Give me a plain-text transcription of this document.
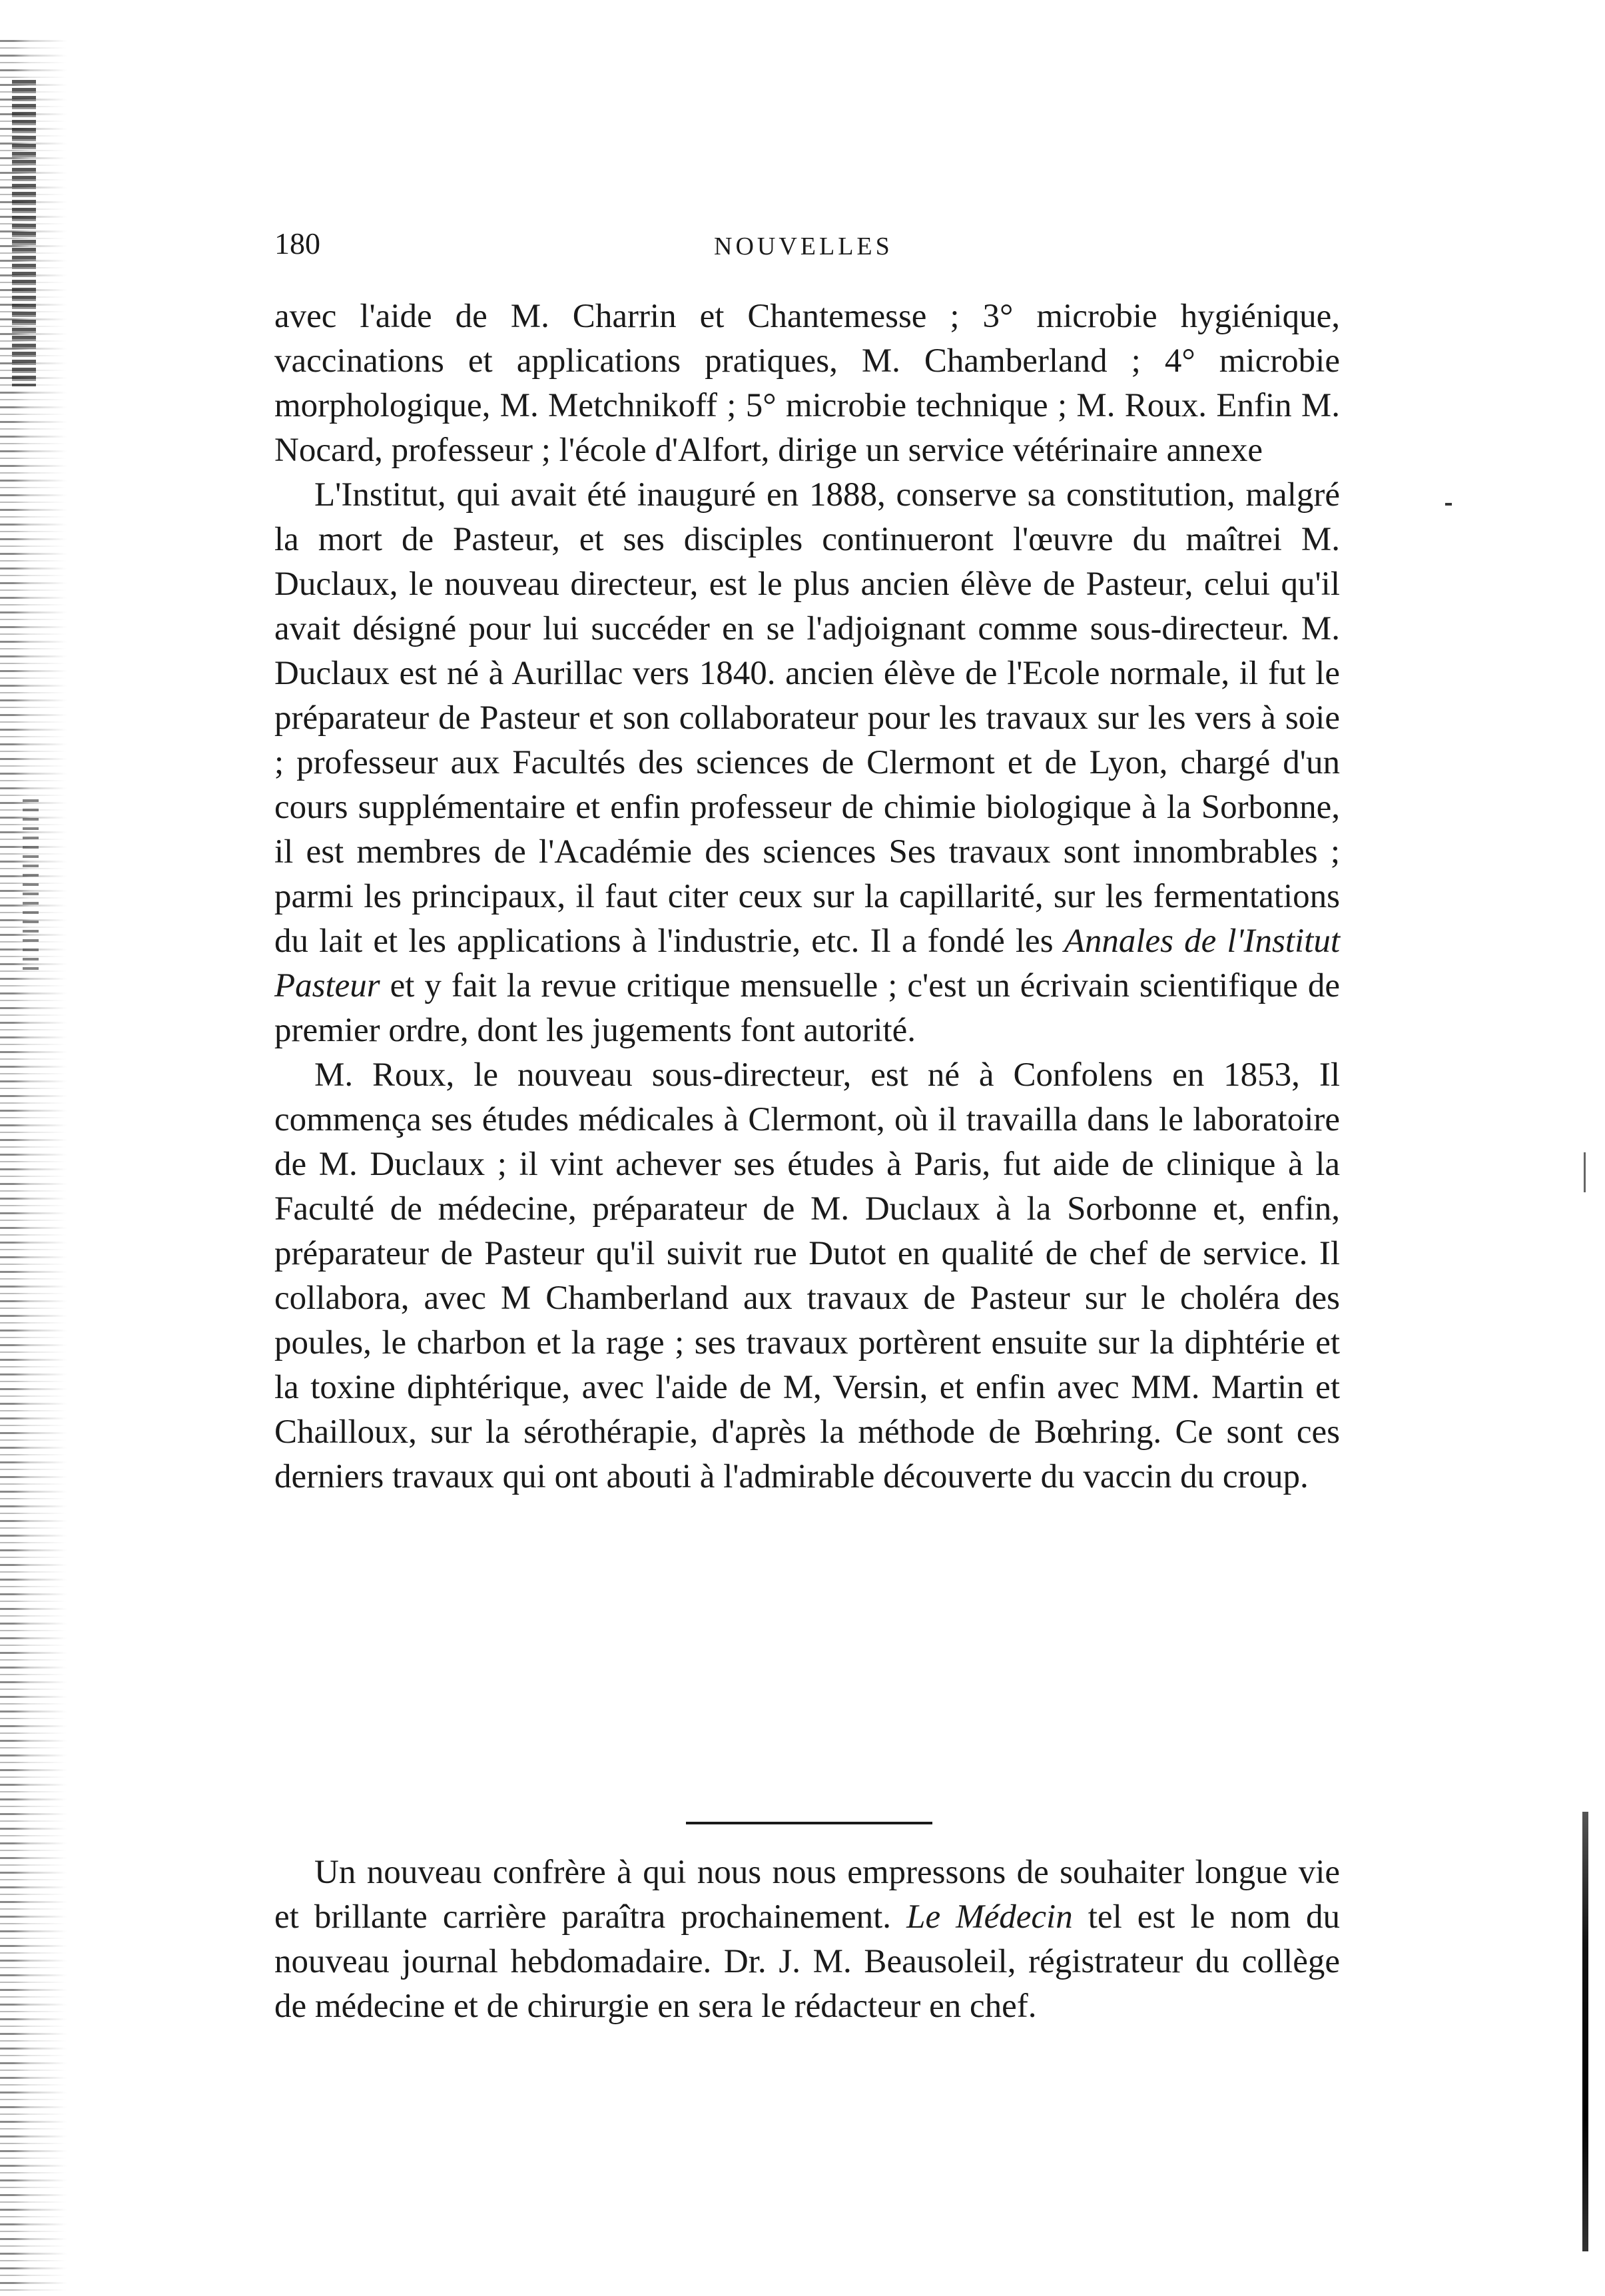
180	NOUVELLES

avec l'aide de M. Charrin et Chantemesse ; 3° microbie hygiénique, vaccinations et applications pratiques, M. Chamberland ; 4° microbie morphologique, M. Metchnikoff ; 5° microbie technique ; M. Roux. Enfin M. Nocard, professeur ; l'école d'Alfort, dirige un service vétérinaire annexe

L'Institut, qui avait été inauguré en 1888, conserve sa constitution, malgré la mort de Pasteur, et ses disciples continueront l'œuvre du maîtrei M. Duclaux, le nouveau directeur, est le plus ancien élève de Pasteur, celui qu'il avait désigné pour lui succéder en se l'adjoignant comme sous-directeur. M. Duclaux est né à Aurillac vers 1840. ancien élève de l'Ecole normale, il fut le préparateur de Pasteur et son collaborateur pour les travaux sur les vers à soie ; professeur aux Facultés des sciences de Clermont et de Lyon, chargé d'un cours supplémentaire et enfin professeur de chimie biologique à la Sorbonne, il est membres de l'Académie des sciences Ses travaux sont innombrables ; parmi les principaux, il faut citer ceux sur la capillarité, sur les fermentations du lait et les applications à l'industrie, etc. Il a fondé les Annales de l'Institut Pasteur et y fait la revue critique mensuelle ; c'est un écrivain scientifique de premier ordre, dont les jugements font autorité.

M. Roux, le nouveau sous-directeur, est né à Confolens en 1853, Il commença ses études médicales à Clermont, où il travailla dans le laboratoire de M. Duclaux ; il vint achever ses études à Paris, fut aide de clinique à la Faculté de médecine, préparateur de M. Duclaux à la Sorbonne et, enfin, préparateur de Pasteur qu'il suivit rue Dutot en qualité de chef de service. Il collabora, avec M Chamberland aux travaux de Pasteur sur le choléra des poules, le charbon et la rage ; ses travaux portèrent ensuite sur la diphtérie et la toxine diphtérique, avec l'aide de M, Versin, et enfin avec MM. Martin et Chailloux, sur la sérothérapie, d'après la méthode de Bœhring. Ce sont ces derniers travaux qui ont abouti à l'admirable découverte du vaccin du croup.

Un nouveau confrère à qui nous nous empressons de souhaiter longue vie et brillante carrière paraîtra prochainement. Le Médecin tel est le nom du nouveau journal hebdomadaire. Dr. J. M. Beausoleil, régistrateur du collège de médecine et de chirurgie en sera le rédacteur en chef.
